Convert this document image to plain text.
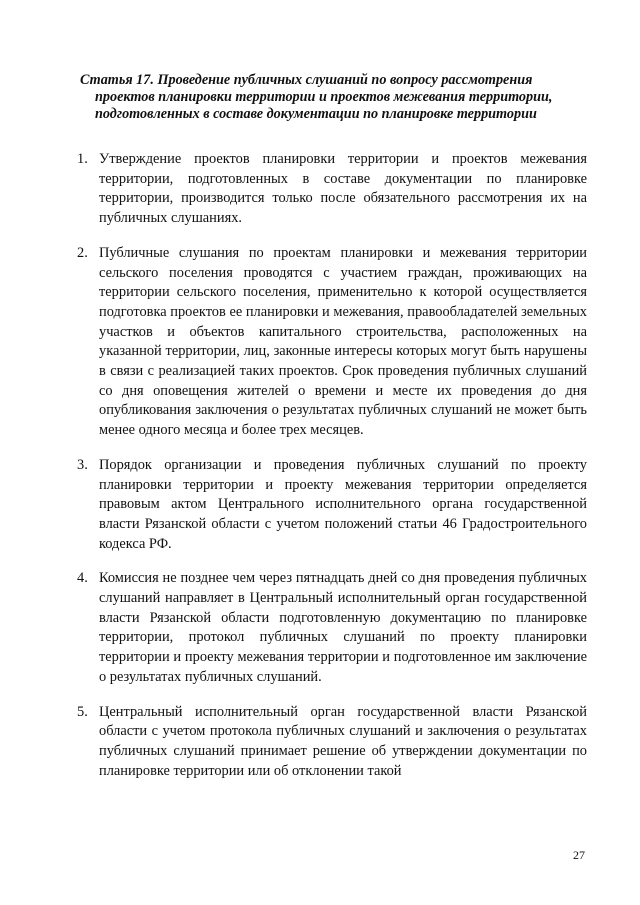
Статья 17. Проведение публичных слушаний по вопросу рассмотрения
проектов планировки территории и проектов межевания территории,
подготовленных в составе документации по планировке территории
1. Утверждение проектов планировки территории и проектов межевания территории, подготовленных в составе документации по планировке территории, производится только после обязательного рассмотрения их на публичных слушаниях.
2. Публичные слушания по проектам планировки и межевания территории сельского поселения проводятся с участием граждан, проживающих на территории сельского поселения, применительно к которой осуществляется подготовка проектов ее планировки и межевания, правообладателей земельных участков и объектов капитального строительства, расположенных на указанной территории, лиц, законные интересы которых могут быть нарушены в связи с реализацией таких проектов. Срок проведения публичных слушаний со дня оповещения жителей о времени и месте их проведения до дня опубликования заключения о результатах публичных слушаний не может быть менее одного месяца и более трех месяцев.
3. Порядок организации и проведения публичных слушаний по проекту планировки территории и проекту межевания территории определяется правовым актом Центрального исполнительного органа государственной власти Рязанской области с учетом положений статьи 46 Градостроительного кодекса РФ.
4. Комиссия не позднее чем через пятнадцать дней со дня проведения публичных слушаний направляет в Центральный исполнительный орган государственной власти Рязанской области подготовленную документацию по планировке территории, протокол публичных слушаний по проекту планировки территории и проекту межевания территории и подготовленное им заключение о результатах публичных слушаний.
5. Центральный исполнительный орган государственной власти Рязанской области с учетом протокола публичных слушаний и заключения о результатах публичных слушаний принимает решение об утверждении документации по планировке территории или об отклонении такой
27
